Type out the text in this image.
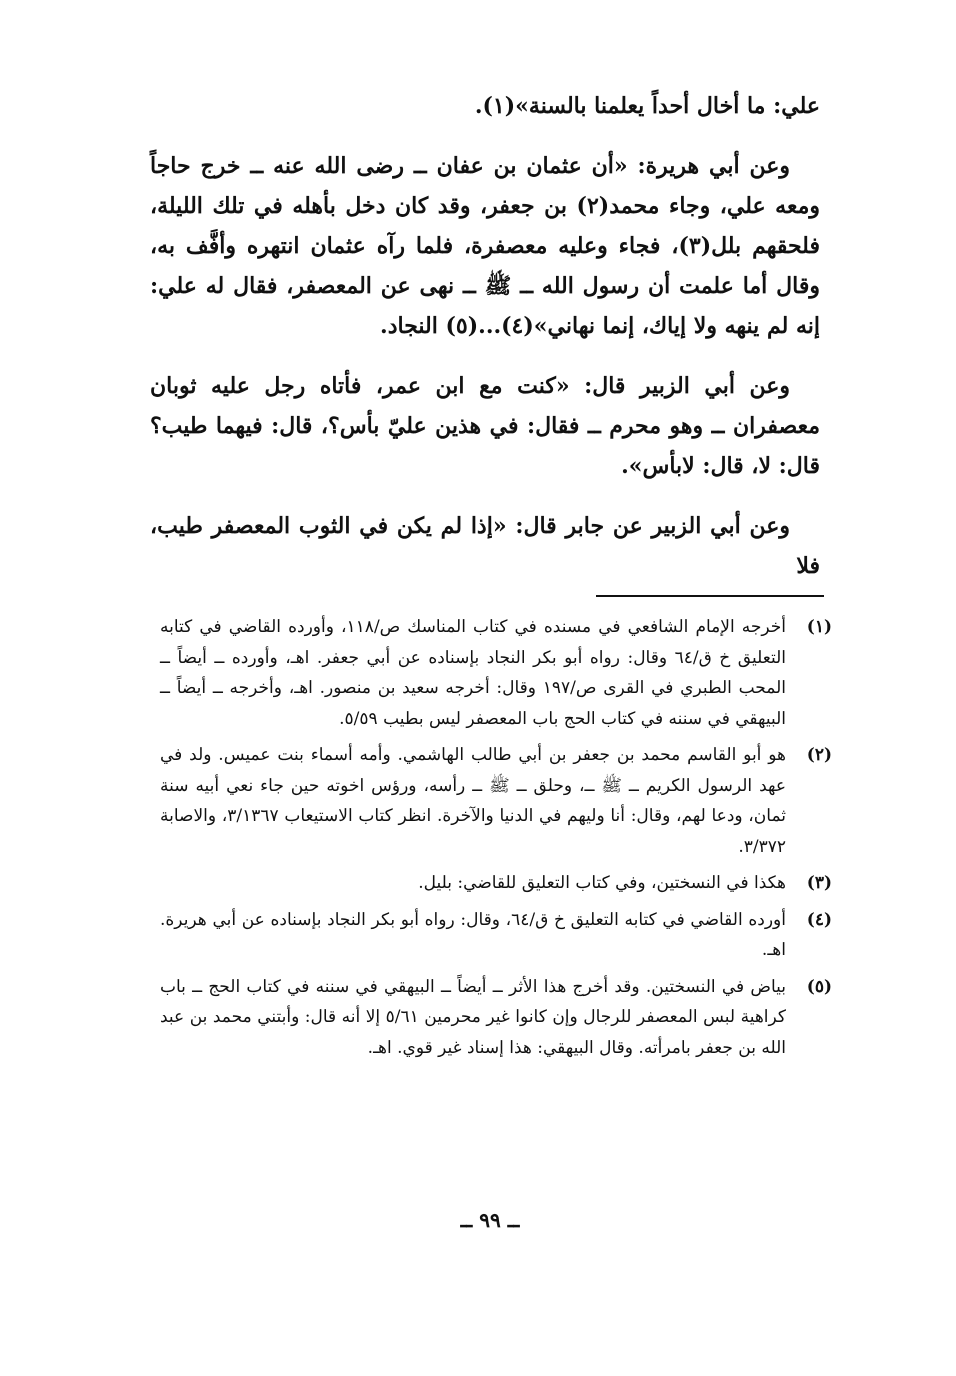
علي: ما أخال أحداً يعلمنا بالسنة»(١).

وعن أبي هريرة: «أن عثمان بن عفان ــ رضى الله عنه ــ خرج حاجاً ومعه علي، وجاء محمد(٢) بن جعفر، وقد كان دخل بأهله في تلك الليلة، فلحقهم بلل(٣)، فجاء وعليه معصفرة، فلما رآه عثمان انتهره وأفَّف به، وقال أما علمت أن رسول الله ــ ﷺ ــ نهى عن المعصفر، فقال له علي: إنه لم ينهه ولا إياك، إنما نهاني»(٤)...(٥) النجاد.

وعن أبي الزبير قال: «كنت مع ابن عمر، فأتاه رجل عليه ثوبان معصفران ــ وهو محرم ــ فقال: في هذين عليّ بأس؟، قال: فيهما طيب؟ قال: لا، قال: لابأس».

وعن أبي الزبير عن جابر قال: «إذا لم يكن في الثوب المعصفر طيب، فلا

(١)
أخرجه الإمام الشافعي في مسنده في كتاب المناسك ص/١١٨، وأورده القاضي في كتابه التعليق خ ق/٦٤ وقال: رواه أبو بكر النجاد بإسناده عن أبي جعفر. اهـ، وأورده ــ أيضاً ــ المحب الطبري في القرى ص/١٩٧ وقال: أخرجه سعيد بن منصور. اهـ، وأخرجه ــ أيضاً ــ البيهقي في سننه في كتاب الحج باب المعصفر ليس بطيب ٥/٥٩.
(٢)
هو أبو القاسم محمد بن جعفر بن أبي طالب الهاشمي. وأمه أسماء بنت عميس. ولد في عهد الرسول الكريم ــ ﷺ ــ، وحلق ــ ﷺ ــ رأسه، ورؤس اخوته حين جاء نعي أبيه سنة ثمان، ودعا لهم، وقال: أنا وليهم في الدنيا والآخرة. انظر كتاب الاستيعاب ٣/١٣٦٧، والاصابة ٣/٣٧٢.
(٣)
هكذا في النسختين، وفي كتاب التعليق للقاضي: بليل.
(٤)
أورده القاضي في كتابه التعليق خ ق/٦٤، وقال: رواه أبو بكر النجاد بإسناده عن أبي هريرة. اهـ.
(٥)
بياض في النسختين. وقد أخرج هذا الأثر ــ أيضاً ــ البيهقي في سننه في كتاب الحج ــ باب كراهية لبس المعصفر للرجال وإن كانوا غير محرمين ٥/٦١ إلا أنه قال: وأبتني محمد بن عبد الله بن جعفر بامرأته. وقال البيهقي: هذا إسناد غير قوي. اهـ.
ــ ٩٩ ــ
